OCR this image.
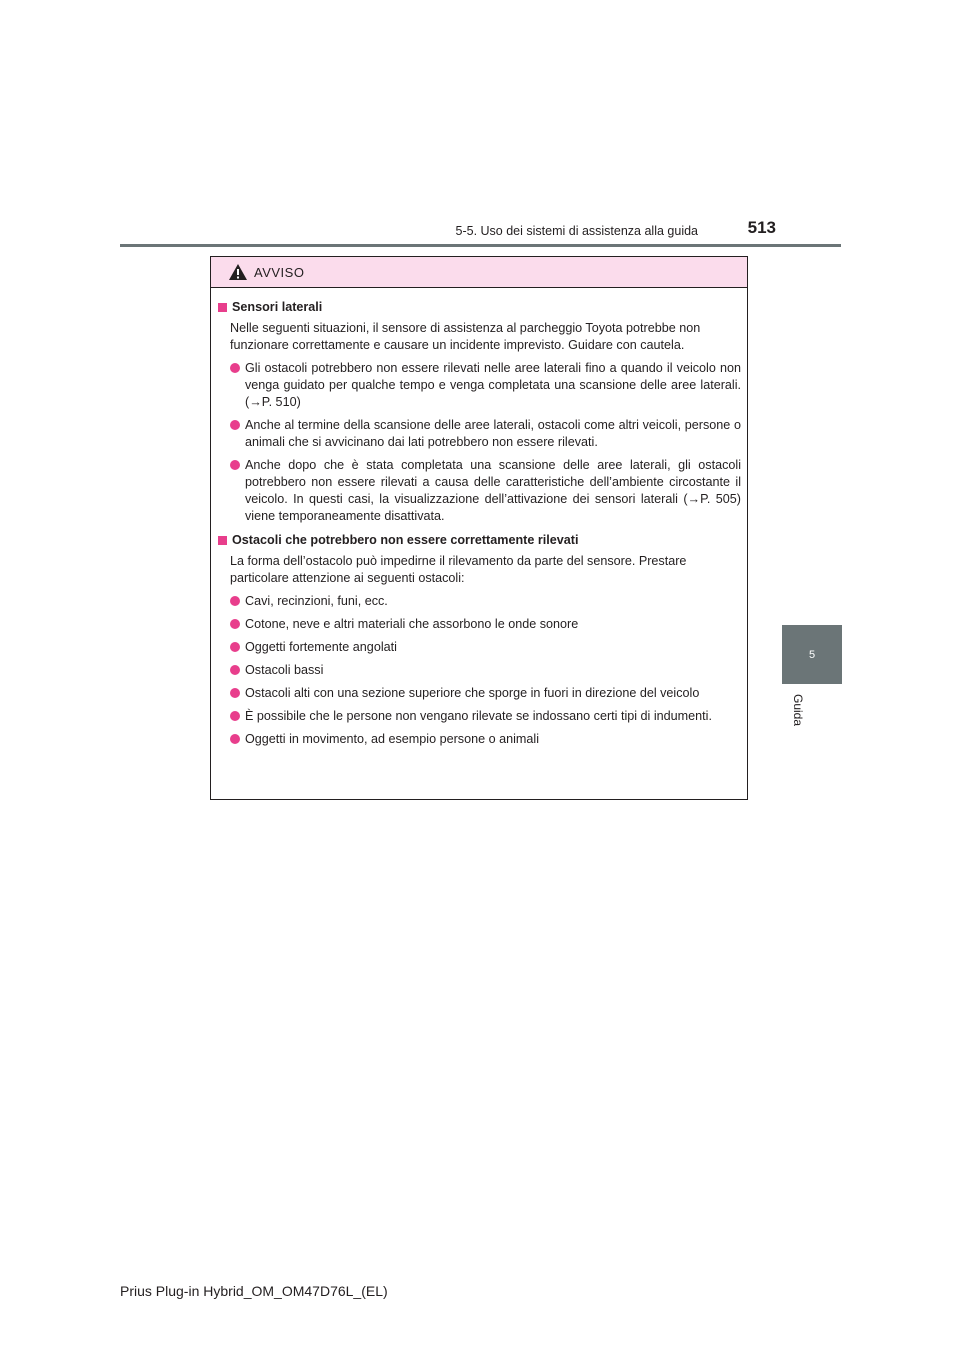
5-5. Uso dei sistemi di assistenza alla guida	513
5
Guida
AVVISO
Sensori laterali
Nelle seguenti situazioni, il sensore di assistenza al parcheggio Toyota potrebbe non funzionare correttamente e causare un incidente imprevisto. Guidare con cautela.
Gli ostacoli potrebbero non essere rilevati nelle aree laterali fino a quando il veicolo non venga guidato per qualche tempo e venga completata una scansione delle aree laterali. (→P. 510)
Anche al termine della scansione delle aree laterali, ostacoli come altri veicoli, persone o animali che si avvicinano dai lati potrebbero non essere rilevati.
Anche dopo che è stata completata una scansione delle aree laterali, gli ostacoli potrebbero non essere rilevati a causa delle caratteristiche dell’ambiente circostante il veicolo. In questi casi, la visualizzazione dell’attivazione dei sensori laterali (→P. 505) viene temporaneamente disattivata.
Ostacoli che potrebbero non essere correttamente rilevati
La forma dell’ostacolo può impedirne il rilevamento da parte del sensore. Prestare particolare attenzione ai seguenti ostacoli:
Cavi, recinzioni, funi, ecc.
Cotone, neve e altri materiali che assorbono le onde sonore
Oggetti fortemente angolati
Ostacoli bassi
Ostacoli alti con una sezione superiore che sporge in fuori in direzione del veicolo
È possibile che le persone non vengano rilevate se indossano certi tipi di indumenti.
Oggetti in movimento, ad esempio persone o animali
Prius Plug-in Hybrid_OM_OM47D76L_(EL)
